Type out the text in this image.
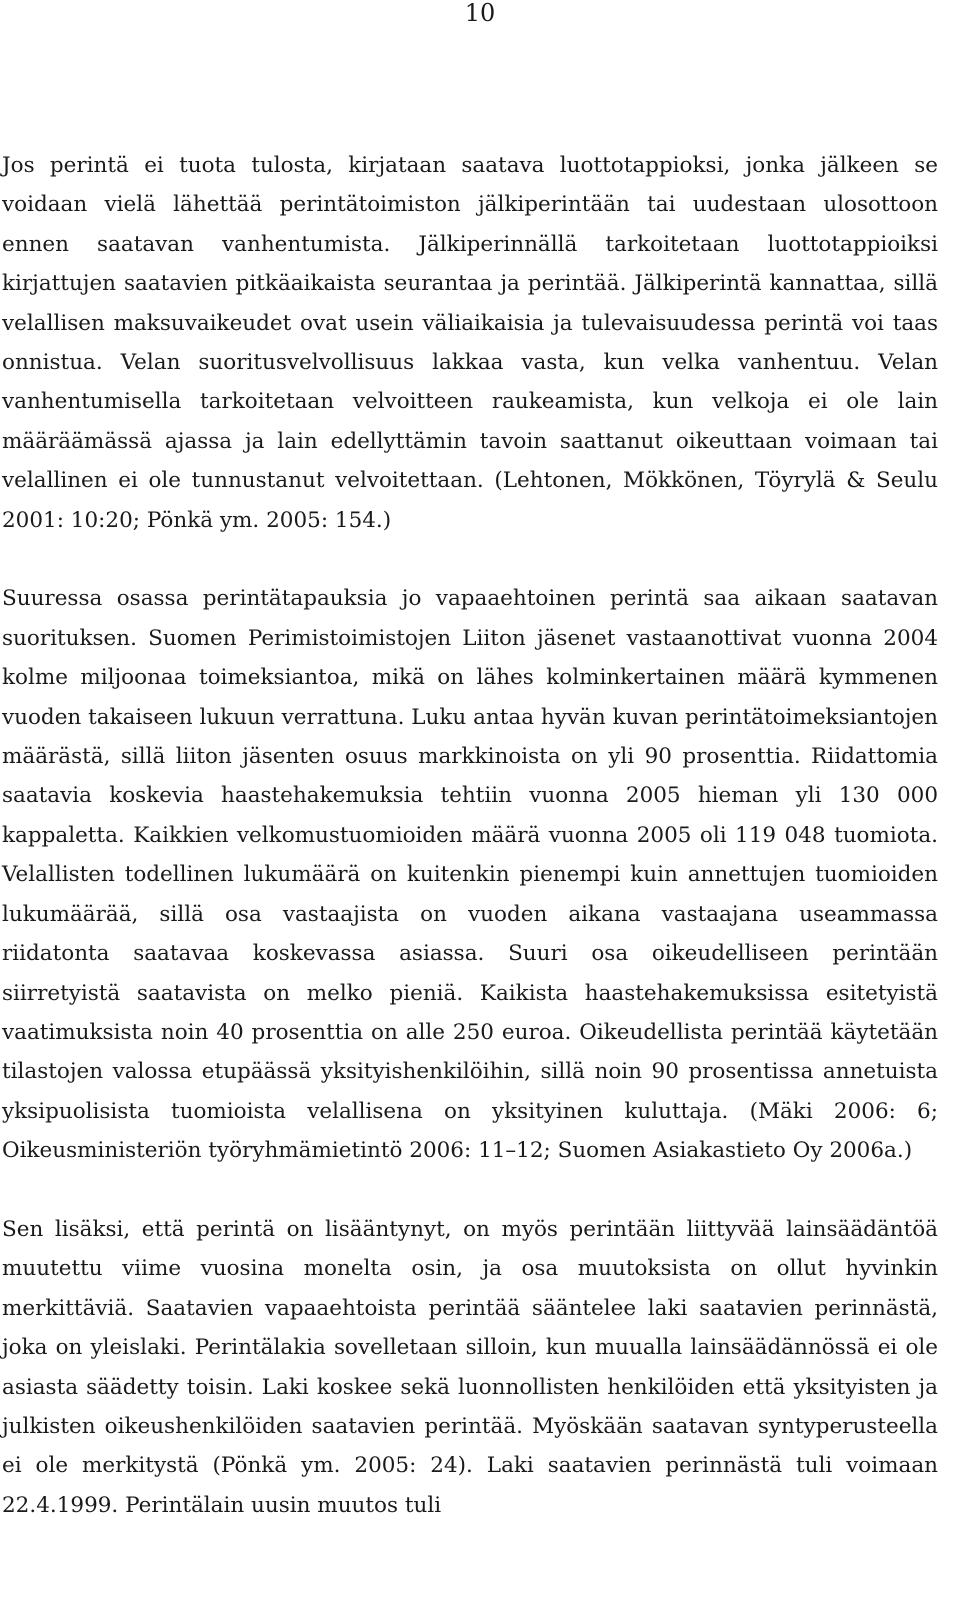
10

Jos perintä ei tuota tulosta, kirjataan saatava luottotappioksi, jonka jälkeen se voidaan vielä lähettää perintätoimiston jälkiperintään tai uudestaan ulosottoon ennen saatavan vanhentumista. Jälkiperinnällä tarkoitetaan luottotappioiksi kirjattujen saatavien pitkäaikaista seurantaa ja perintää. Jälkiperintä kannattaa, sillä velallisen maksuvaikeudet ovat usein väliaikaisia ja tulevaisuudessa perintä voi taas onnistua. Velan suoritusvelvollisuus lakkaa vasta, kun velka vanhentuu. Velan vanhentumisella tarkoitetaan velvoitteen raukeamista, kun velkoja ei ole lain määräämässä ajassa ja lain edellyttämin tavoin saattanut oikeuttaan voimaan tai velallinen ei ole tunnustanut velvoitettaan. (Lehtonen, Mökkönen, Töyrylä & Seulu 2001: 10:20; Pönkä ym. 2005: 154.)

Suuressa osassa perintätapauksia jo vapaaehtoinen perintä saa aikaan saatavan suorituksen. Suomen Perimistoimistojen Liiton jäsenet vastaanottivat vuonna 2004 kolme miljoonaa toimeksiantoa, mikä on lähes kolminkertainen määrä kymmenen vuoden takaiseen lukuun verrattuna. Luku antaa hyvän kuvan perintätoimeksiantojen määrästä, sillä liiton jäsenten osuus markkinoista on yli 90 prosenttia. Riidattomia saatavia koskevia haastehakemuksia tehtiin vuonna 2005 hieman yli 130 000 kappaletta. Kaikkien velkomustuomioiden määrä vuonna 2005 oli 119 048 tuomiota. Velallisten todellinen lukumäärä on kuitenkin pienempi kuin annettujen tuomioiden lukumäärää, sillä osa vastaajista on vuoden aikana vastaajana useammassa riidatonta saatavaa koskevassa asiassa. Suuri osa oikeudelliseen perintään siirretyistä saatavista on melko pieniä. Kaikista haastehakemuksissa esitetyistä vaatimuksista noin 40 prosenttia on alle 250 euroa. Oikeudellista perintää käytetään tilastojen valossa etupäässä yksityishenkilöihin, sillä noin 90 prosentissa annetuista yksipuolisista tuomioista velallisena on yksityinen kuluttaja. (Mäki 2006: 6; Oikeusministeriön työryhmämietintö 2006: 11–12; Suomen Asiakastieto Oy 2006a.)

Sen lisäksi, että perintä on lisääntynyt, on myös perintään liittyvää lainsäädäntöä muutettu viime vuosina monelta osin, ja osa muutoksista on ollut hyvinkin merkittäviä. Saatavien vapaaehtoista perintää sääntelee laki saatavien perinnästä, joka on yleislaki. Perintälakia sovelletaan silloin, kun muualla lainsäädännössä ei ole asiasta säädetty toisin. Laki koskee sekä luonnollisten henkilöiden että yksityisten ja julkisten oikeushenkilöiden saatavien perintää. Myöskään saatavan syntyperusteella ei ole merkitystä (Pönkä ym. 2005: 24). Laki saatavien perinnästä tuli voimaan 22.4.1999. Perintälain uusin muutos tuli
